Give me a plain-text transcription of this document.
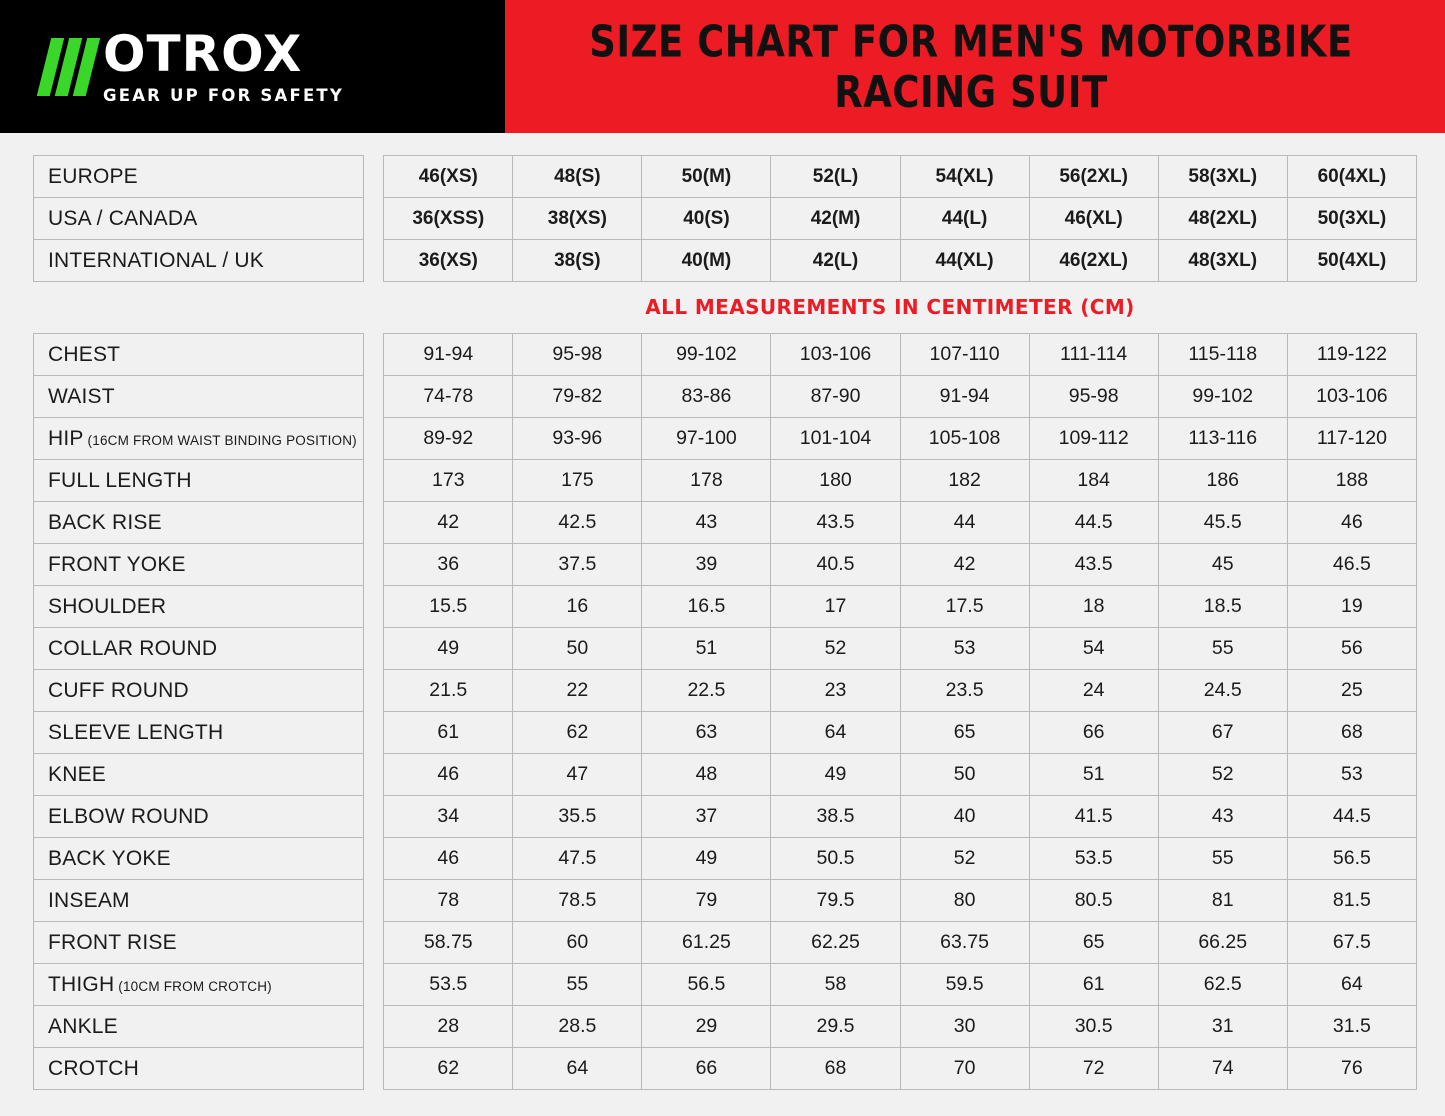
OTROX
GEAR UP FOR SAFETY
SIZE CHART FOR MEN'S MOTORBIKE RACING SUIT
EUROPE		46(XS)	48(S)	50(M)	52(L)	54(XL)	56(2XL)	58(3XL)	60(4XL)
USA / CANADA		36(XSS)	38(XS)	40(S)	42(M)	44(L)	46(XL)	48(2XL)	50(3XL)
INTERNATIONAL / UK		36(XS)	38(S)	40(M)	42(L)	44(XL)	46(2XL)	48(3XL)	50(4XL)
ALL MEASUREMENTS IN CENTIMETER (CM)
CHEST		91-94	95-98	99-102	103-106	107-110	111-114	115-118	119-122
WAIST		74-78	79-82	83-86	87-90	91-94	95-98	99-102	103-106
HIP (16CM FROM WAIST BINDING POSITION)		89-92	93-96	97-100	101-104	105-108	109-112	113-116	117-120
FULL LENGTH		173	175	178	180	182	184	186	188
BACK RISE		42	42.5	43	43.5	44	44.5	45.5	46
FRONT YOKE		36	37.5	39	40.5	42	43.5	45	46.5
SHOULDER		15.5	16	16.5	17	17.5	18	18.5	19
COLLAR ROUND		49	50	51	52	53	54	55	56
CUFF ROUND		21.5	22	22.5	23	23.5	24	24.5	25
SLEEVE LENGTH		61	62	63	64	65	66	67	68
KNEE		46	47	48	49	50	51	52	53
ELBOW ROUND		34	35.5	37	38.5	40	41.5	43	44.5
BACK YOKE		46	47.5	49	50.5	52	53.5	55	56.5
INSEAM		78	78.5	79	79.5	80	80.5	81	81.5
FRONT RISE		58.75	60	61.25	62.25	63.75	65	66.25	67.5
THIGH (10CM FROM CROTCH)		53.5	55	56.5	58	59.5	61	62.5	64
ANKLE		28	28.5	29	29.5	30	30.5	31	31.5
CROTCH		62	64	66	68	70	72	74	76
